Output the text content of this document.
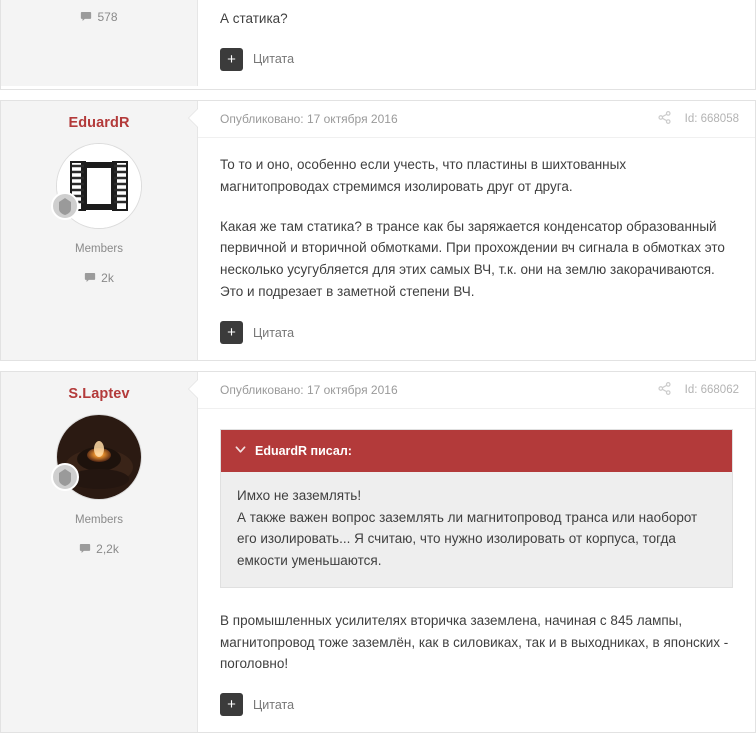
578	А статика?

+	Цитата
EduardR
Members
2k
Опубликовано: 17 октября 2016	Id: 668058

То то и оно, особенно если учесть, что пластины в шихтованных магнитопроводах стремимся изолировать друг от друга.

Какая же там статика? в трансе как бы заряжается конденсатор образованный первичной и вторичной обмотками. При прохождении вч сигнала в обмотках это несколько усугубляется для этих самых ВЧ, т.к. они на землю закорачиваются. Это и подрезает в заметной степени ВЧ.

+	Цитата
S.Laptev
Members
2,2k
Опубликовано: 17 октября 2016	Id: 668062
EduardR писал:
Имхо не заземлять!
А также важен вопрос заземлять ли магнитопровод транса или наоборот его изолировать... Я считаю, что нужно изолировать от корпуса, тогда емкости уменьшаются.

В промышленных усилителях вторичка заземлена, начиная с 845 лампы, магнитопровод тоже заземлён, как в силовиках, так и в выходниках, в японских - поголовно!

+	Цитата
